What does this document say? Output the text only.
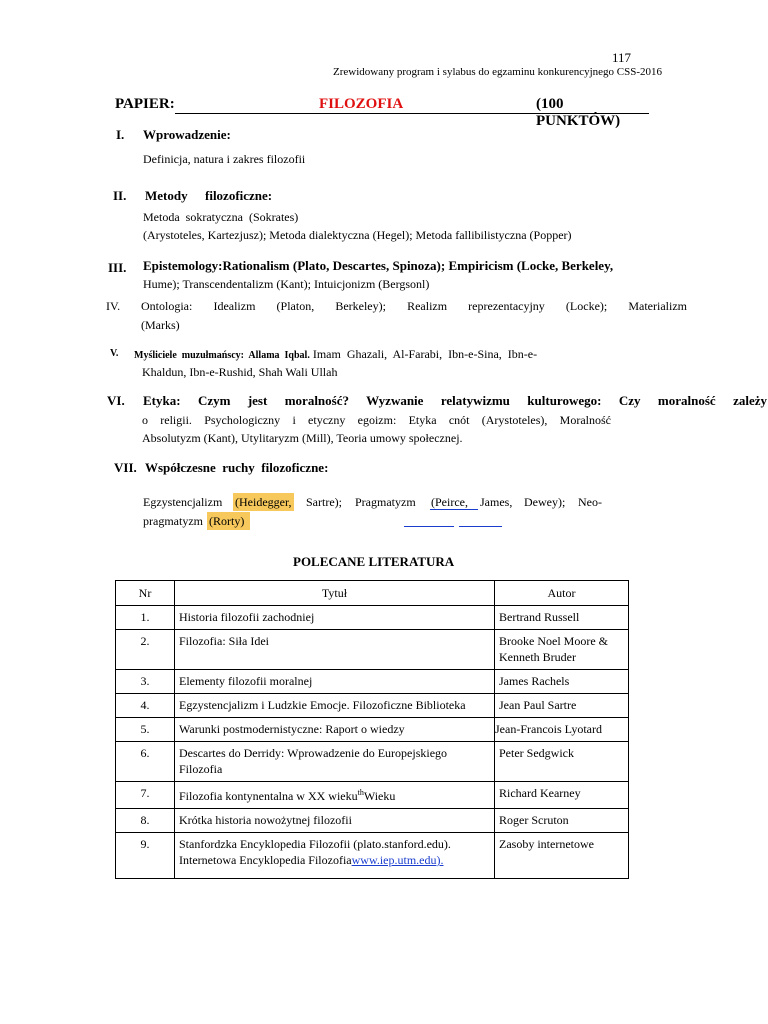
117
Zrewidowany program i sylabus do egzaminu konkurencyjnego CSS-2016
PAPIER:	FILOZOFIA	(100 PUNKTÓW)
I. Wprowadzenie:
Definicja, natura i zakres filozofii
II. Metody filozoficzne:
Metoda  sokratyczna  (Sokrates)
(Arystoteles, Kartezjusz); Metoda dialektyczna (Hegel); Metoda fallibilistyczna (Popper)
III. Epistemology:Rationalism (Plato, Descartes, Spinoza); Empiricism (Locke, Berkeley,
Hume); Transcendentalizm (Kant); Intuicjonizm (Bergsonl)
IV. Ontologia:  Idealizm  (Platon,  Berkeley);  Realizm  reprezentacyjny  (Locke);  Materializm
(Marks)
V. Myśliciele  muzułmańscy:  Allama  Iqbal. Imam  Ghazali,  Al-Farabi,  Ibn-e-Sina,  Ibn-e-
Khaldun, Ibn-e-Rushid, Shah Wali Ullah
VI. Etyka:  Czym  jest  moralność?  Wyzwanie  relatywizmu  kulturowego:  Czy  moralność  zależy
o religii. Psychologiczny i etyczny egoizm: Etyka cnót (Arystoteles), Moralność
Absolutyzm (Kant), Utylitaryzm (Mill), Teoria umowy społecznej.
VII. Współczesne  ruchy  filozoficzne:
Egzystencjalizm (Heidegger, Sartre); Pragmatyzm (Peirce, James, Dewey); Neo-
pragmatyzm (Rorty)
POLECANE LITERATURA
Nr	Tytuł	Autor
1.	Historia filozofii zachodniej	Bertrand Russell
2.	Filozofia: Siła Idei	Brooke Noel Moore & Kenneth Bruder
3.	Elementy filozofii moralnej	James Rachels
4.	Egzystencjalizm i Ludzkie Emocje. Filozoficzne Biblioteka	Jean Paul Sartre
5.	Warunki postmodernistyczne: Raport o wiedzy	Jean-Francois Lyotard
6.	Descartes do Derridy: Wprowadzenie do Europejskiego Filozofia	Peter Sedgwick
7.	Filozofia kontynentalna w XX wieku$^{th}$Wieku	Richard Kearney
8.	Krótka historia nowożytnej filozofii	Roger Scruton
9.	Stanfordzka Encyklopedia Filozofii (plato.stanford.edu). Internetowa Encyklopedia Filozofiawww.iep.utm.edu).	Zasoby internetowe
